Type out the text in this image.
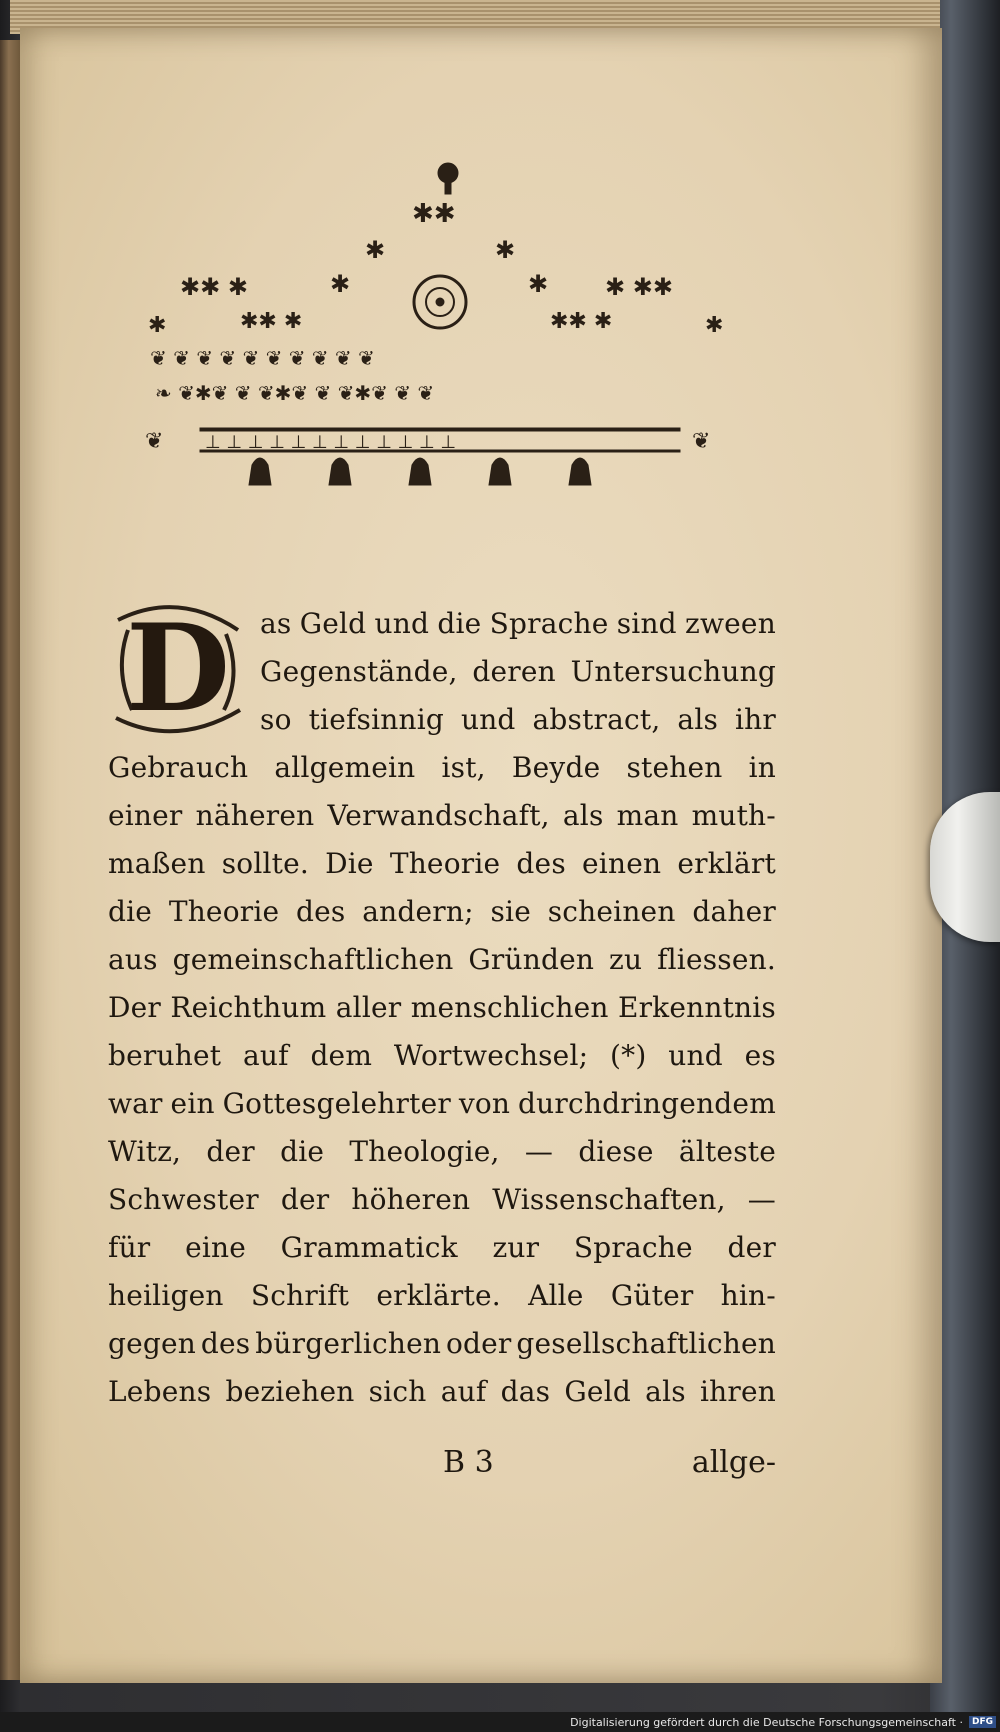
✱✱
✱	✱
✱	✱
✱✱ ✱	✱ ✱✱
✱✱ ✱	✱✱ ✱
✱	✱
❦ ❦ ❦ ❦ ❦ ❦ ❦ ❦ ❦ ❦
❧ ❦✱❦ ❦ ❦✱❦ ❦ ❦✱❦ ❦ ❦
⊥ ⊥ ⊥ ⊥ ⊥ ⊥ ⊥ ⊥ ⊥ ⊥ ⊥ ⊥
❦	❦
D	as Geld und die Sprache sind zween
Gegenstände, deren Untersuchung
so tiefsinnig und abstract, als ihr
Gebrauch allgemein ist, Beyde stehen in
einer näheren Verwandschaft, als man muth-
maßen sollte. Die Theorie des einen erklärt
die Theorie des andern; sie scheinen daher
aus gemeinschaftlichen Gründen zu fliessen.
Der Reichthum aller menschlichen Erkenntnis
beruhet auf dem Wortwechsel; (*) und es
war ein Gottesgelehrter von durchdringendem
Witz, der die Theologie, — diese älteste
Schwester der höheren Wissenschaften, —
für eine Grammatick zur Sprache der
heiligen Schrift erklärte. Alle Güter hin-
gegen des bürgerlichen oder gesellschaftlichen
Lebens beziehen sich auf das Geld als ihren
B 3	allge-
Digitalisierung gefördert durch die Deutsche Forschungsgemeinschaft ·	DFG
